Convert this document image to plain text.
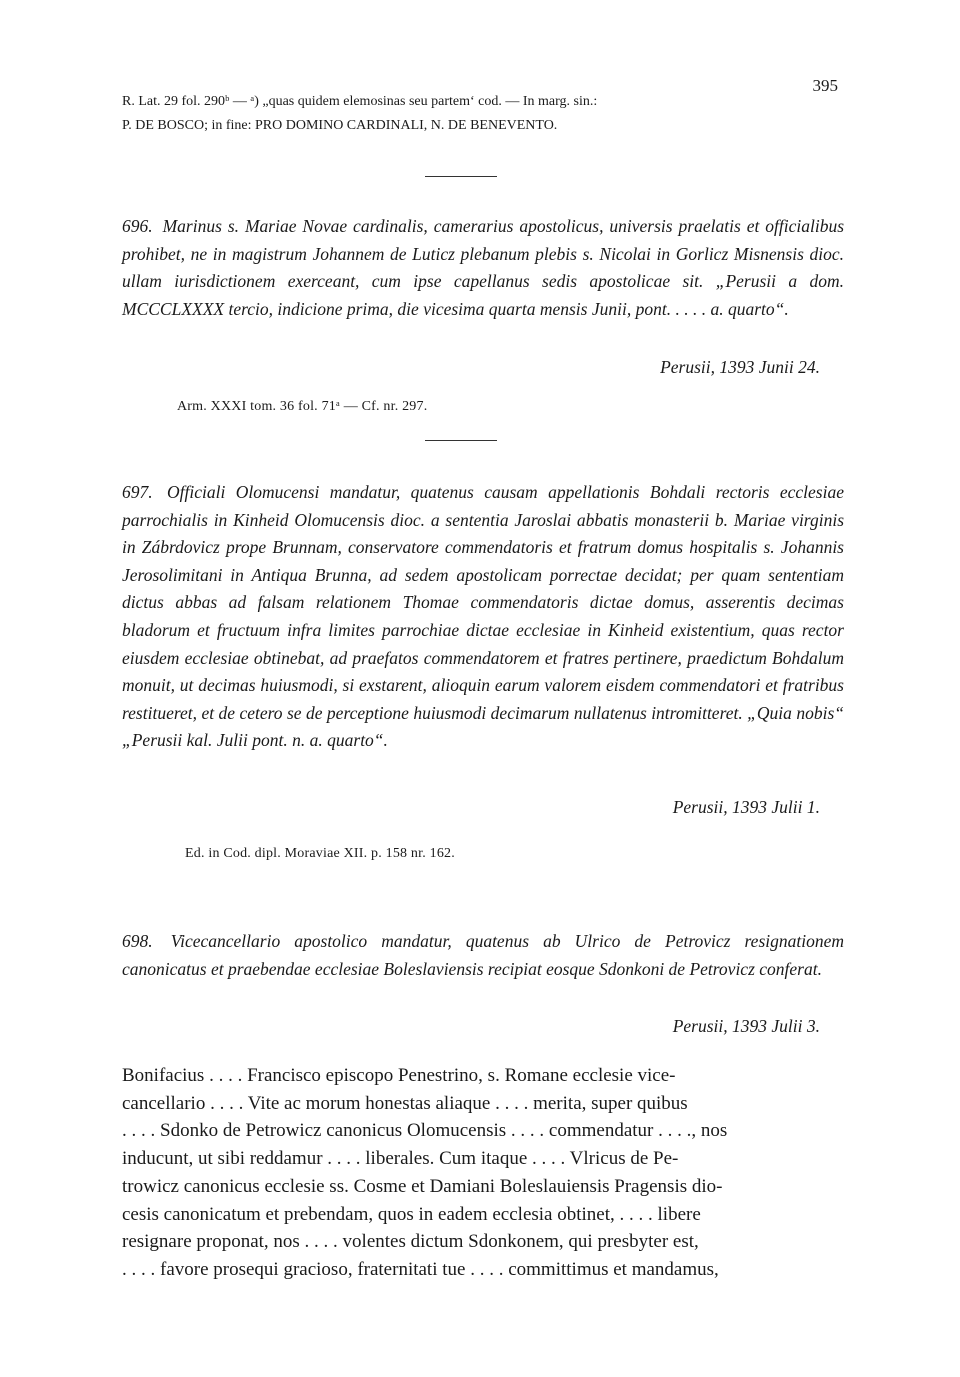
395
R. Lat. 29 fol. 290ᵇ — ᵃ) „quas quidem elemosinas seu partem‘ cod. — In marg. sin.:
P. DE BOSCO; in fine: PRO DOMINO CARDINALI, N. DE BENEVENTO.
696. Marinus s. Mariae Novae cardinalis, camerarius apostolicus, universis praelatis et officialibus prohibet, ne in magistrum Johannem de Luticz plebanum plebis s. Nicolai in Gorlicz Misnensis dioc. ullam iurisdictionem exerceant, cum ipse capellanus sedis apostolicae sit. „Perusii a dom. MCCCLXXXX tercio, indicione prima, die vicesima quarta mensis Junii, pont. . . . . a. quarto“.
Perusii, 1393 Junii 24.
Arm. XXXI tom. 36 fol. 71ᵃ — Cf. nr. 297.
697. Officiali Olomucensi mandatur, quatenus causam appellationis Bohdali rectoris ecclesiae parrochialis in Kinheid Olomucensis dioc. a sententia Jaroslai abbatis monasterii b. Mariae virginis in Zábrdovicz prope Brunnam, conservatore commendatoris et fratrum domus hospitalis s. Johannis Jerosolimitani in Antiqua Brunna, ad sedem apostolicam porrectae decidat; per quam sententiam dictus abbas ad falsam relationem Thomae commendatoris dictae domus, asserentis decimas bladorum et fructuum infra limites parrochiae dictae ecclesiae in Kinheid existentium, quas rector eiusdem ecclesiae obtinebat, ad praefatos commendatorem et fratres pertinere, praedictum Bohdalum monuit, ut decimas huiusmodi, si exstarent, alioquin earum valorem eisdem commendatori et fratribus restitueret, et de cetero se de perceptione huiusmodi decimarum nullatenus intromitteret. „Quia nobis“ „Perusii kal. Julii pont. n. a. quarto“.
Perusii, 1393 Julii 1.
Ed. in Cod. dipl. Moraviae XII. p. 158 nr. 162.
698. Vicecancellario apostolico mandatur, quatenus ab Ulrico de Petrovicz resignationem canonicatus et praebendae ecclesiae Boleslaviensis recipiat eosque Sdonkoni de Petrovicz conferat.
Perusii, 1393 Julii 3.
Bonifacius . . . . Francisco episcopo Penestrino, s. Romane ecclesie vice-
cancellario . . . . Vite ac morum honestas aliaque . . . . merita, super quibus
. . . . Sdonko de Petrowicz canonicus Olomucensis . . . . commendatur . . . ., nos
inducunt, ut sibi reddamur . . . . liberales. Cum itaque . . . . Vlricus de Pe-
trowicz canonicus ecclesie ss. Cosme et Damiani Boleslauiensis Pragensis dio-
cesis canonicatum et prebendam, quos in eadem ecclesia obtinet, . . . . libere
resignare proponat, nos . . . . volentes dictum Sdonkonem, qui presbyter est,
. . . . favore prosequi gracioso, fraternitati tue . . . . committimus et mandamus,
